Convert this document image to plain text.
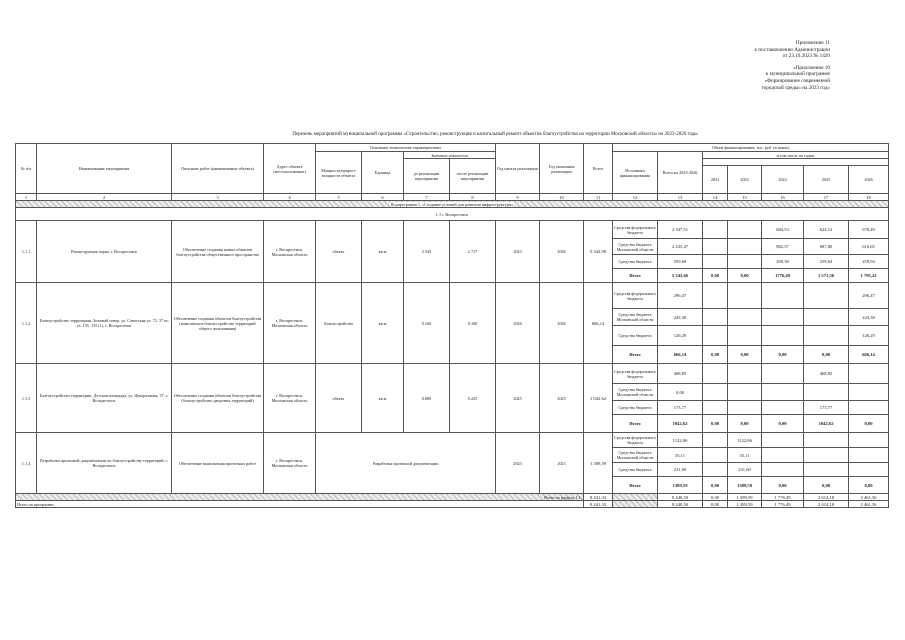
Приложение 11
к постановлению Администрации
от 23.10.2023 № 1420
«Приложение 10
к муниципальной программе
«Формирование современной
городской среды» на 2023 год»
Перечень мероприятий муниципальной программы «Строительство, реконструкция и капитальный ремонт объектов благоустройства на территории Московской области» на 2023-2026 годы
№ п/п	Наименование мероприятия	Описание работ (наименование объекта)	Адрес объекта (местоположение)	Основные технические характеристики				Год начала реализации	Год окончания реализации	Всего	Объем финансирования, тыс. руб. (в ценах)						
				Мощность/прирост мощности объекта	Единица	Значение показателя					Источники финансирования	Всего на 2023-2026	в том числе по годам				
						до реализации мероприятия	после реализации мероприятия										
													2022	2023	2024	2025	2026
1	2	3	4	5	6	7	8	9	10	11	12	13	14	15	16	17	18
Подпрограмма 1. «Создание условий для развития инфраструктуры»																	
1.1 г. Воскресенск																	
1.1.1	Реконструкция парка, г. Воскресенск	Обеспечение создания новых объектов благоустройства общественного пространства	г. Воскресенск, Московская область	объект	кв.м	2 545	2 717	2023	2026	5 342,98	Средства федерального бюджета	2 347,51			684,53	624,12	678,49
											Средства бюджета Московской области	2 435,47			882,57	687,80	616,65
											Средства бюджета	559,68			209,39	259,64	259,94
											Итого	5 342,66	0,00	0,00	1776,49	1 571,56	1 795,22
1.1.2	Благоустройство территории, Зеленый сквер, ул. Советская ул. 72, 37 по ул. 135, 135 (1), г. Воскресенск	Обеспечение создания объектов благоустройства (комплексное благоустройство территорий общего пользования)	г. Воскресенск, Московская область	благоустройство	кв.м	0,160	0,160	2026	2026	666,14	Средства федерального бюджета	296,47					296,47
											Средства бюджета Московской области	243,38					243,38
											Средства бюджета	126,29					126,29
											Итого	666,14	0,00	0,00	0,00	0,00	666,14
1.1.3	Благоустройство территории, Детская площадка, ул. Центральная, 37, г. Воскресенск	Обеспечение создания объектов благоустройства (благоустройство дворовых территорий)	г. Воскресенск, Московская область	объект	кв.м	0,080	0,225	2025	2025	1 042,62	Средства федерального бюджета	468,85				468,85	
											Средства бюджета Московской области	0,00					
											Средства бюджета	173,77				173,77	
											Итого	1042,62	0,00	0,00	0,00	1042,62	0,00
1.1.4	Разработка проектной документации по благоустройству территорий, г. Воскресенск	Обеспечение выполнения проектных работ	г. Воскресенск, Московская область	Разработка проектной документации				2023	2023	1 389,59	Средства федерального бюджета	1122,86		1122,86			
											Средства бюджета Московской области	35,11		35,11			
											Средства бюджета	231,60		231,60			
											Итого	1389,59	0,00	1389,59	0,00	0,00	0,00
Всего по разделу 1.1:										8 441,33		8 440,50	0,00	1 389,59	1 776,49	2 614,18	2 461,36
Итого по программе:										8 441,33		8 440,50	0,00	1 389,59	1 776,49	2 614,18	2 461,36
